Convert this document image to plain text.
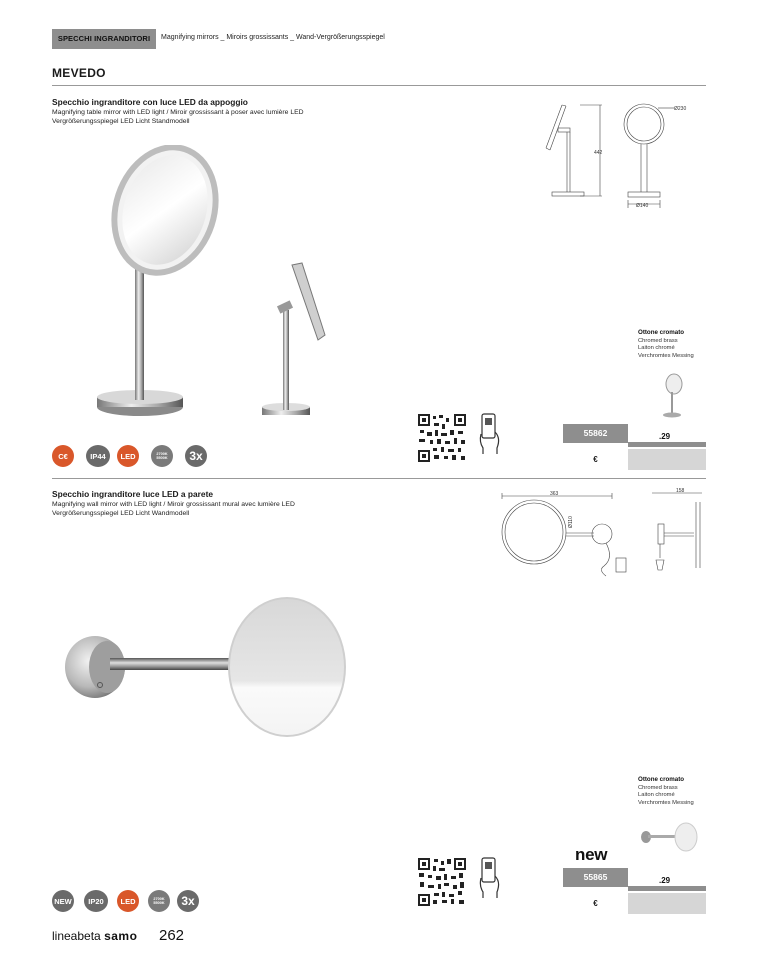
SPECCHI INGRANDITORI	Magnifying mirrors _ Miroirs grossissants _ Wand-Vergrößerungsspiegel
MEVEDO
Specchio ingranditore con luce LED da appoggio
Magnifying table mirror with LED light / Miroir grossissant à poser avec lumière LED
Vergrößerungsspiegel LED Licht Standmodell
442
Ø230
Ø140
Ottone cromato
Chromed brass
Laiton chromé
Verchromtes Messing
55862	.29
€
C€	IP44	LED	2700K
5500K	3x
Specchio ingranditore luce LED a parete
Magnifying wall mirror with LED light / Miroir grossissant mural avec lumière LED
Vergrößerungsspiegel LED Licht Wandmodell
363	158
Ø110
Ottone cromato
Chromed brass
Laiton chromé
Verchromtes Messing
new
55865	.29
€
NEW	IP20	LED	2700K
5500K	3x
lineabeta samo 262
